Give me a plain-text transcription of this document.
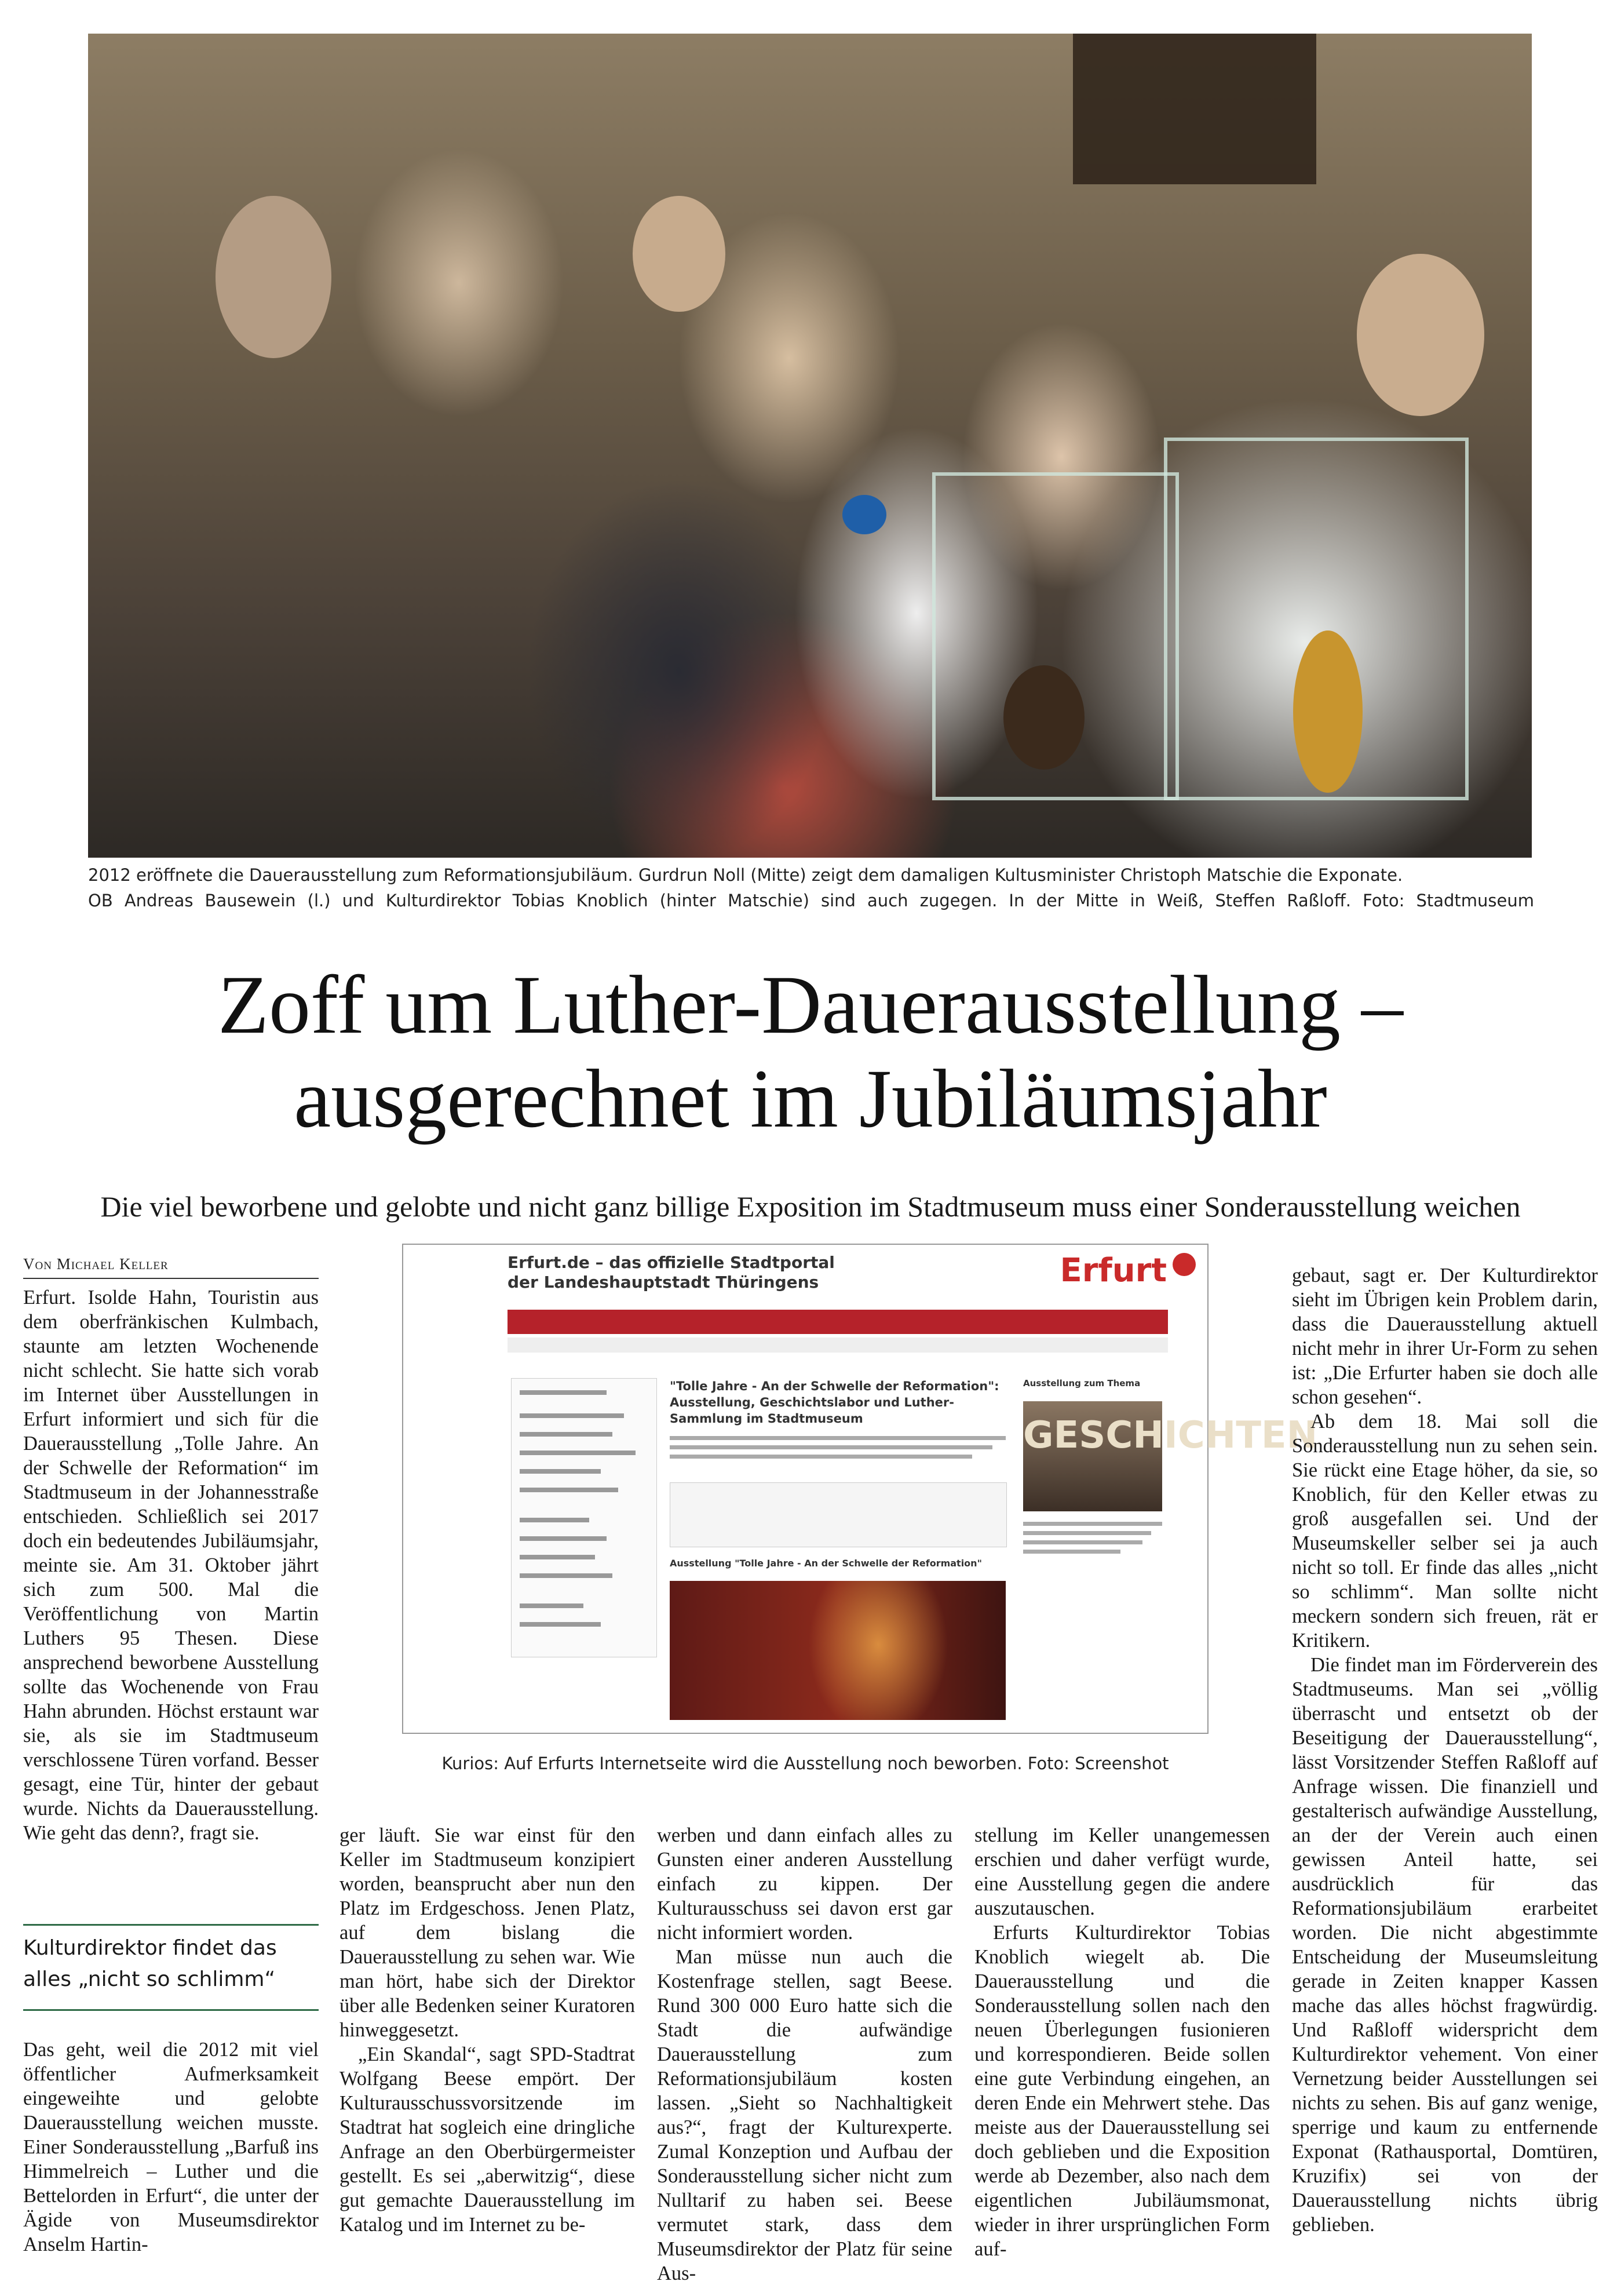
2012 eröffnete die Dauerausstellung zum Reformationsjubiläum. Gurdrun Noll (Mitte) zeigt dem damaligen Kultusminister Christoph Matschie die Exponate.
OB Andreas Bausewein (l.) und Kulturdirektor Tobias Knoblich (hinter Matschie) sind auch zugegen. In der Mitte in Weiß, Steffen Raßloff. Foto: Stadtmuseum
Zoff um Luther-Dauerausstellung –
ausgerechnet im Jubiläumsjahr
Die viel beworbene und gelobte und nicht ganz billige Exposition im Stadtmuseum muss einer Sonderausstellung weichen
Von Michael Keller

Erfurt. Isolde Hahn, Touristin aus dem oberfränkischen Kulmbach, staunte am letzten Wochenende nicht schlecht. Sie hatte sich vorab im Internet über Ausstellungen in Erfurt informiert und sich für die Dauerausstellung „Tolle Jahre. An der Schwelle der Reformation“ im Stadtmuseum in der Johannesstraße entschieden. Schließlich sei 2017 doch ein bedeutendes Jubiläumsjahr, meinte sie. Am 31. Oktober jährt sich zum 500. Mal die Veröffentlichung von Martin Luthers 95 Thesen. Diese ansprechend beworbene Ausstellung sollte das Wochenende von Frau Hahn abrunden. Höchst erstaunt war sie, als sie im Stadtmuseum verschlossene Türen vorfand. Besser gesagt, eine Tür, hinter der gebaut wurde. Nichts da Dauerausstellung. Wie geht das denn?, fragt sie.

Kulturdirektor findet das alles „nicht so schlimm“

Das geht, weil die 2012 mit viel öffentlicher Aufmerksamkeit eingeweihte und gelobte Dauerausstellung weichen musste. Einer Sonderausstellung „Barfuß ins Himmelreich – Luther und die Bettelorden in Erfurt“, die unter der Ägide von Museumsdirektor Anselm Hartin-

Erfurt.de – das offizielle Stadtportal
der Landeshauptstadt Thüringens	Erfurt
"Tolle Jahre - An der Schwelle der Reformation": Ausstellung, Geschichtslabor und Luther-Sammlung im Stadtmuseum
Ausstellung "Tolle Jahre - An der Schwelle der Reformation"
Ausstellung zum Thema
GESCHICHTEN
Kurios: Auf Erfurts Internetseite wird die Ausstellung noch beworben. Foto: Screenshot

ger läuft. Sie war einst für den Keller im Stadtmuseum konzipiert worden, beansprucht aber nun den Platz im Erdgeschoss. Jenen Platz, auf dem bislang die Dauerausstellung zu sehen war. Wie man hört, habe sich der Direktor über alle Bedenken seiner Kuratoren hinweggesetzt.

„Ein Skandal“, sagt SPD-Stadtrat Wolfgang Beese empört. Der Kulturausschussvorsitzende im Stadtrat hat sogleich eine dringliche Anfrage an den Oberbürgermeister gestellt. Es sei „aberwitzig“, diese gut gemachte Dauerausstellung im Katalog und im Internet zu be-

werben und dann einfach alles zu Gunsten einer anderen Ausstellung einfach zu kippen. Der Kulturausschuss sei davon erst gar nicht informiert worden.

Man müsse nun auch die Kostenfrage stellen, sagt Beese. Rund 300 000 Euro hatte sich die Stadt die aufwändige Dauerausstellung zum Reformationsjubiläum kosten lassen. „Sieht so Nachhaltigkeit aus?“, fragt der Kulturexperte. Zumal Konzeption und Aufbau der Sonderausstellung sicher nicht zum Nulltarif zu haben sei. Beese vermutet stark, dass dem Museumsdirektor der Platz für seine Aus-

stellung im Keller unangemessen erschien und daher verfügt wurde, eine Ausstellung gegen die andere auszutauschen.

Erfurts Kulturdirektor Tobias Knoblich wiegelt ab. Die Dauerausstellung und die Sonderausstellung sollen nach den neuen Überlegungen fusionieren und korrespondieren. Beide sollen eine gute Verbindung eingehen, an deren Ende ein Mehrwert stehe. Das meiste aus der Dauerausstellung sei doch geblieben und die Exposition werde ab Dezember, also nach dem eigentlichen Jubiläumsmonat, wieder in ihrer ursprünglichen Form auf-

gebaut, sagt er. Der Kulturdirektor sieht im Übrigen kein Problem darin, dass die Dauerausstellung aktuell nicht mehr in ihrer Ur-Form zu sehen ist: „Die Erfurter haben sie doch alle schon gesehen“.

Ab dem 18. Mai soll die Sonderausstellung nun zu sehen sein. Sie rückt eine Etage höher, da sie, so Knoblich, für den Keller etwas zu groß ausgefallen sei. Und der Museumskeller selber sei ja auch nicht so toll. Er finde das alles „nicht so schlimm“. Man sollte nicht meckern sondern sich freuen, rät er Kritikern.

Die findet man im Förderverein des Stadtmuseums. Man sei „völlig überrascht und entsetzt ob der Beseitigung der Dauerausstellung“, lässt Vorsitzender Steffen Raßloff auf Anfrage wissen. Die finanziell und gestalterisch aufwändige Ausstellung, an der der Verein auch einen gewissen Anteil hatte, sei ausdrücklich für das Reformationsjubiläum erarbeitet worden. Die nicht abgestimmte Entscheidung der Museumsleitung gerade in Zeiten knapper Kassen mache das alles höchst fragwürdig. Und Raßloff widerspricht dem Kulturdirektor vehement. Von einer Vernetzung beider Ausstellungen sei nichts zu sehen. Bis auf ganz wenige, sperrige und kaum zu entfernende Exponat (Rathausportal, Domtüren, Kruzifix) sei von der Dauerausstellung nichts übrig geblieben.
